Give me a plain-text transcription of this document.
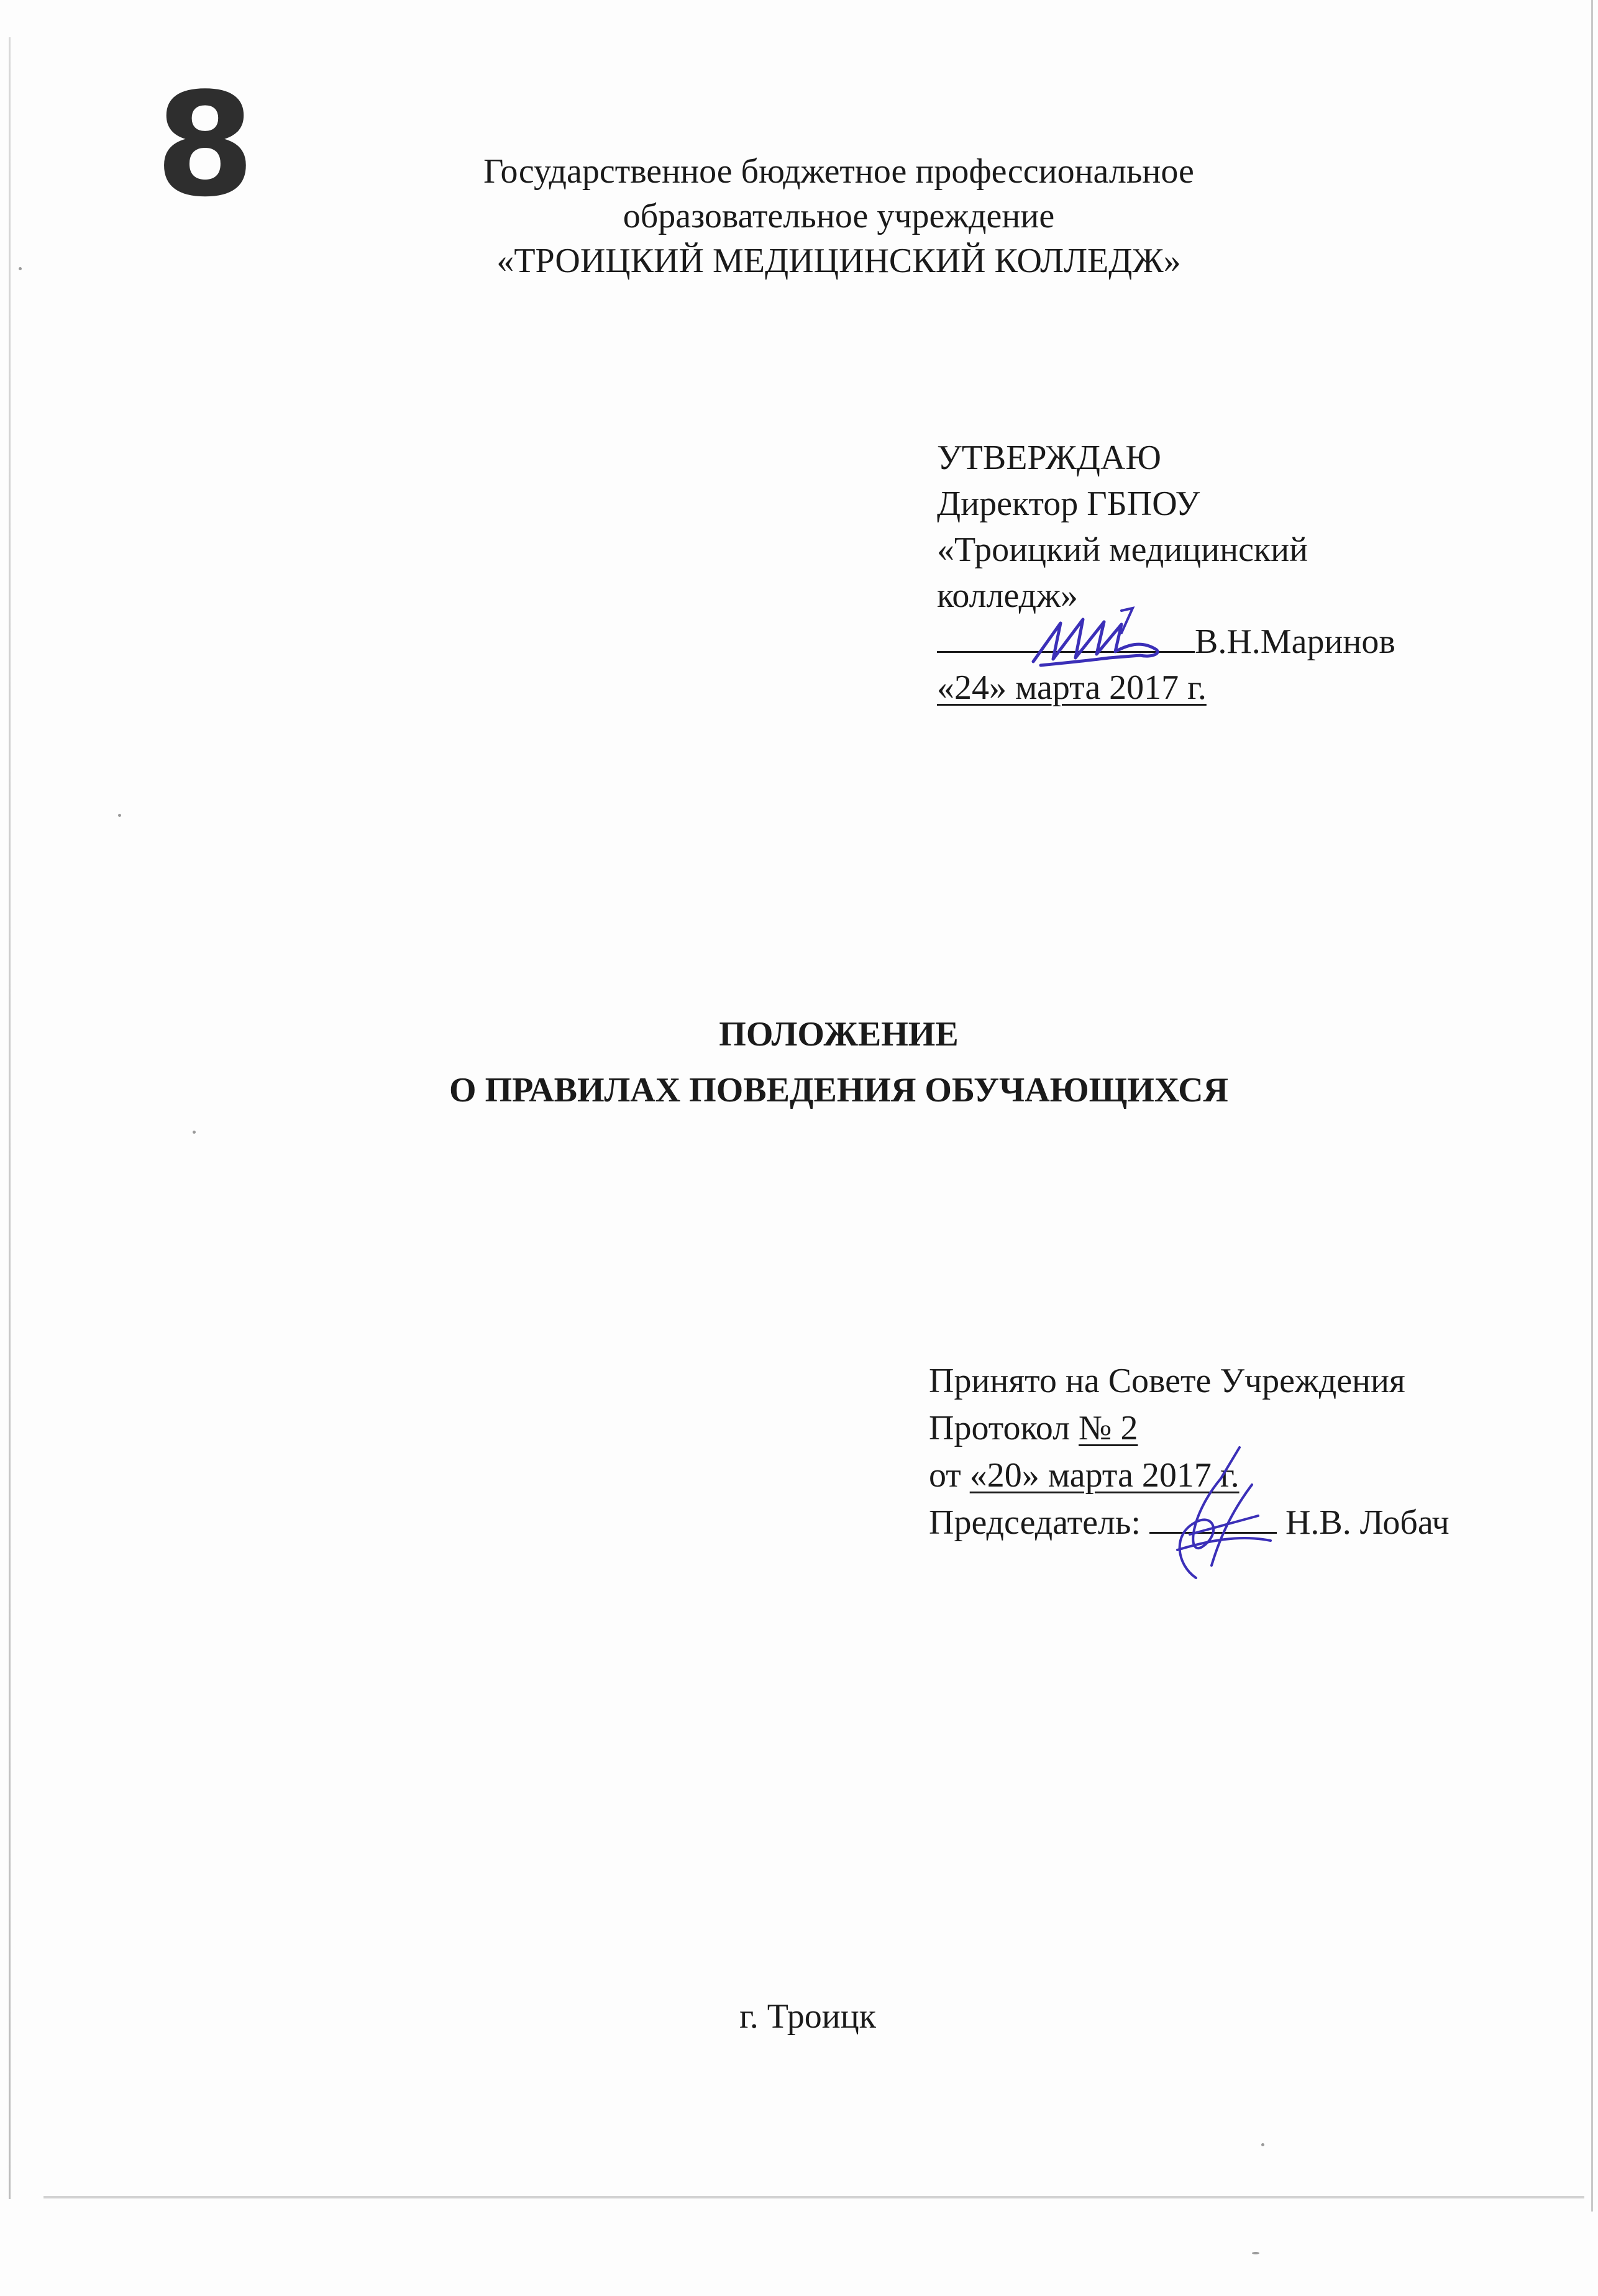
8	Государственное бюджетное профессиональное
образовательное учреждение
«ТРОИЦКИЙ МЕДИЦИНСКИЙ КОЛЛЕДЖ»
УТВЕРЖДАЮ
Директор ГБПОУ
«Троицкий медицинский
колледж»
В.Н.Маринов
«24» марта 2017 г.
ПОЛОЖЕНИЕ
О ПРАВИЛАХ ПОВЕДЕНИЯ ОБУЧАЮЩИХСЯ
Принято на Совете Учреждения
Протокол № 2
от «20» марта 2017 г.
Председатель:	Н.В. Лобач
г. Троицк
